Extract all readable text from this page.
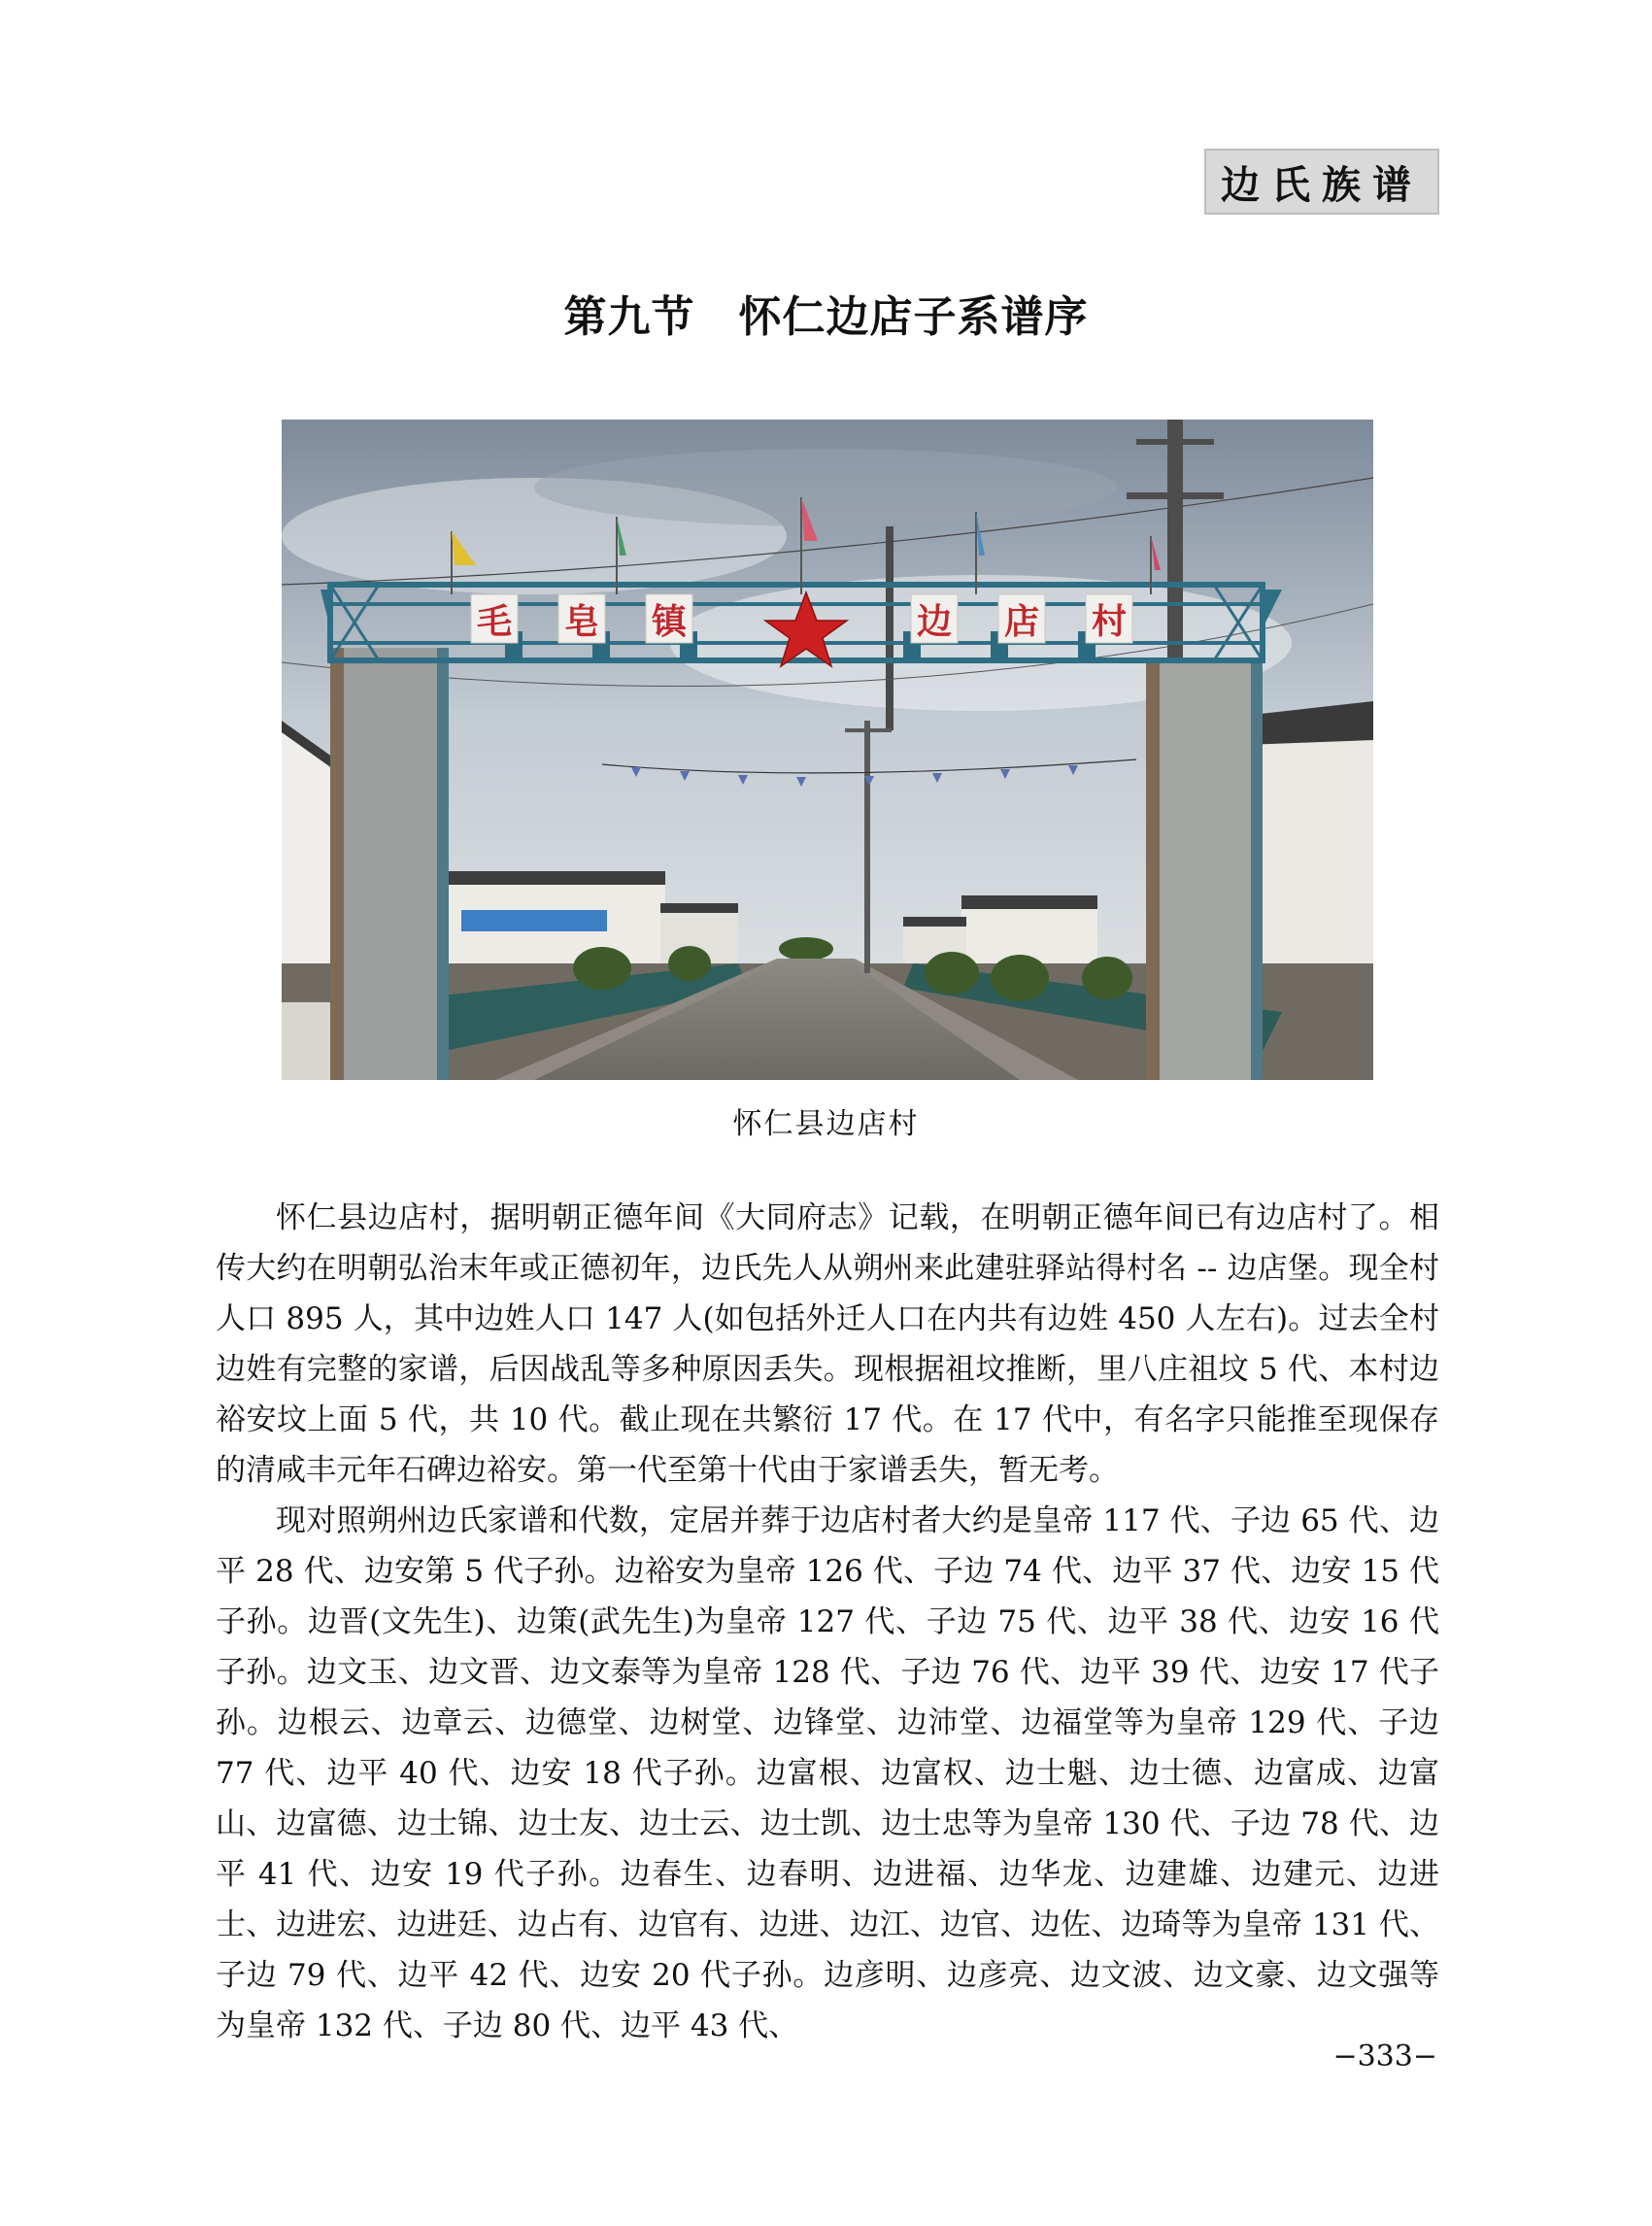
边氏族谱
第九节　怀仁边店子系谱序
毛 皂 镇	边 店 村
怀仁县边店村

怀仁县边店村，据明朝正德年间《大同府志》记载，在明朝正德年间已有边店村了。相传大约在明朝弘治末年或正德初年，边氏先人从朔州来此建驻驿站得村名 -- 边店堡。现全村人口 895 人，其中边姓人口 147 人(如包括外迁人口在内共有边姓 450 人左右)。过去全村边姓有完整的家谱，后因战乱等多种原因丢失。现根据祖坟推断，里八庄祖坟 5 代、本村边裕安坟上面 5 代，共 10 代。截止现在共繁衍 17 代。在 17 代中，有名字只能推至现保存的清咸丰元年石碑边裕安。第一代至第十代由于家谱丢失，暂无考。

现对照朔州边氏家谱和代数，定居并葬于边店村者大约是皇帝 117 代、子边 65 代、边平 28 代、边安第 5 代子孙。边裕安为皇帝 126 代、子边 74 代、边平 37 代、边安 15 代子孙。边晋(文先生)、边策(武先生)为皇帝 127 代、子边 75 代、边平 38 代、边安 16 代子孙。边文玉、边文晋、边文泰等为皇帝 128 代、子边 76 代、边平 39 代、边安 17 代子孙。边根云、边章云、边德堂、边树堂、边锋堂、边沛堂、边福堂等为皇帝 129 代、子边 77 代、边平 40 代、边安 18 代子孙。边富根、边富权、边士魁、边士德、边富成、边富山、边富德、边士锦、边士友、边士云、边士凯、边士忠等为皇帝 130 代、子边 78 代、边平 41 代、边安 19 代子孙。边春生、边春明、边进福、边华龙、边建雄、边建元、边进士、边进宏、边进廷、边占有、边官有、边进、边江、边官、边佐、边琦等为皇帝 131 代、子边 79 代、边平 42 代、边安 20 代子孙。边彦明、边彦亮、边文波、边文豪、边文强等为皇帝 132 代、子边 80 代、边平 43 代、

−333−
